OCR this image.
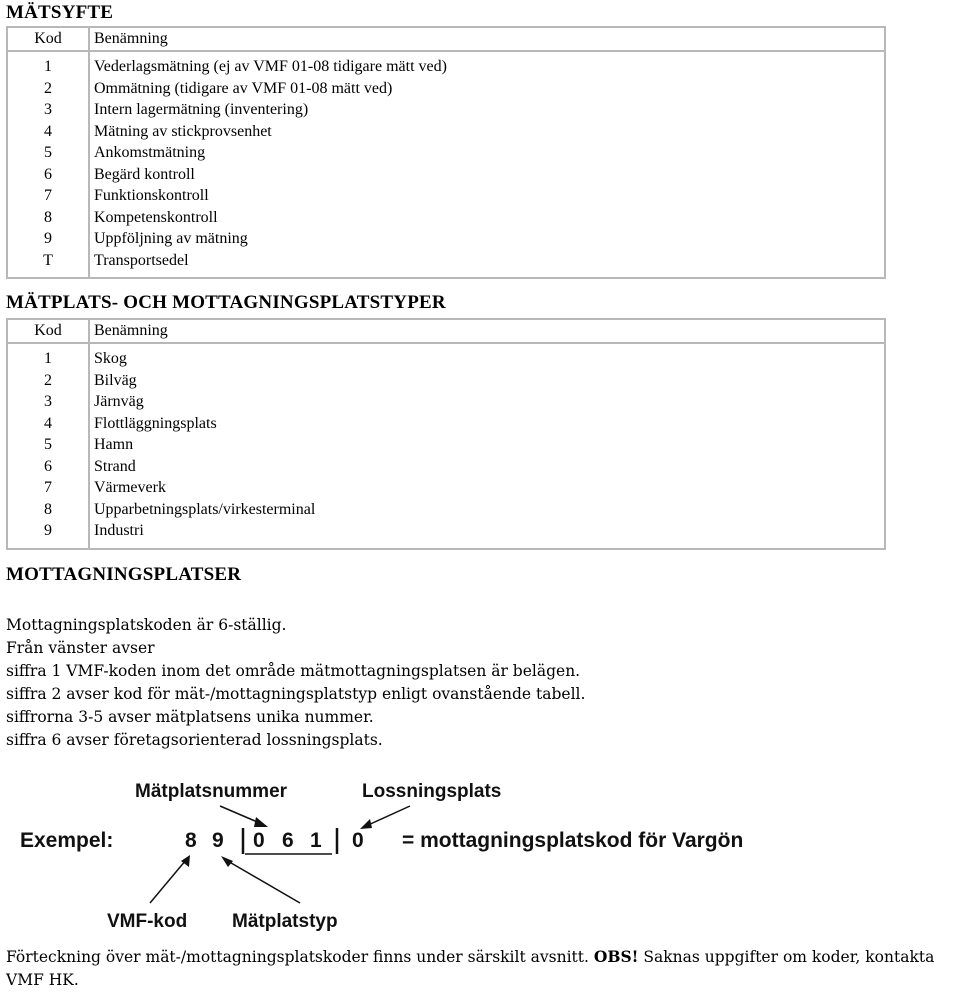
MÄTSYFTE
Kod	Benämning
1	Vederlagsmätning (ej av VMF 01-08 tidigare mätt ved)
2	Ommätning (tidigare av VMF 01-08 mätt ved)
3	Intern lagermätning (inventering)
4	Mätning av stickprovsenhet
5	Ankomstmätning
6	Begärd kontroll
7	Funktionskontroll
8	Kompetenskontroll
9	Uppföljning av mätning
T	Transportsedel
MÄTPLATS- OCH MOTTAGNINGSPLATSTYPER
Kod	Benämning
1	Skog
2	Bilväg
3	Järnväg
4	Flottläggningsplats
5	Hamn
6	Strand
7	Värmeverk
8	Upparbetningsplats/virkesterminal
9	Industri
MOTTAGNINGSPLATSER

Mottagningsplatskoden är 6-ställig.

Från vänster avser
siffra 1 VMF-koden inom det område mätmottagningsplatsen är belägen.
siffra 2 avser kod för mät-/mottagningsplatstyp enligt ovanstående tabell.
siffrorna 3-5 avser mätplatsens unika nummer.
siffra 6 avser företagsorienterad lossningsplats.
Mätplatsnummer	Lossningsplats
Exempel:	8 9 0 6 1 0 = mottagningsplatskod för Vargön
VMF-kod Mätplatstyp

Förteckning över mät-/mottagningsplatskoder finns under särskilt avsnitt. OBS! Saknas uppgifter om koder, kontakta VMF HK.
